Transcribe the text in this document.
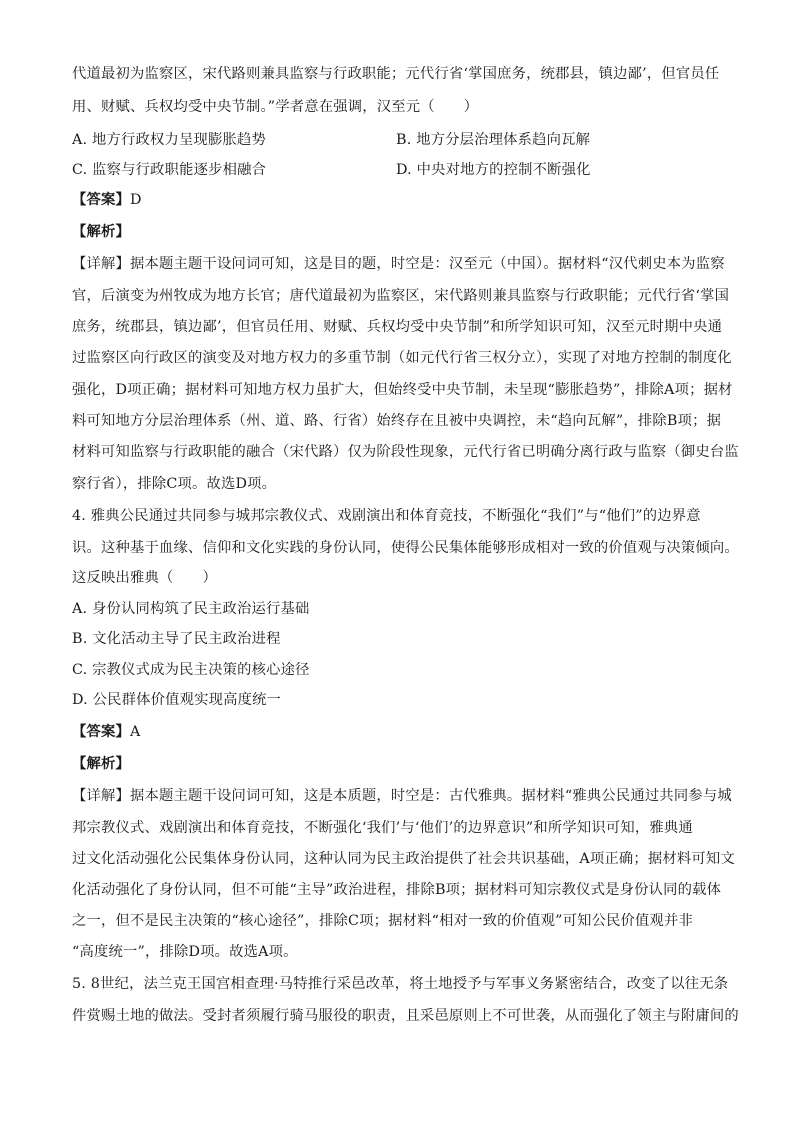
代道最初为监察区，宋代路则兼具监察与行政职能；元代行省‘掌国庶务，统郡县，镇边鄙’，但官员任
用、财赋、兵权均受中央节制。”学者意在强调，汉至元（　　）
A. 地方行政权力呈现膨胀趋势	B. 地方分层治理体系趋向瓦解
C. 监察与行政职能逐步相融合	D. 中央对地方的控制不断强化
【答案】D
【解析】
【详解】据本题主题干设问词可知，这是目的题，时空是：汉至元（中国）。据材料“汉代刺史本为监察
官，后演变为州牧成为地方长官；唐代道最初为监察区，宋代路则兼具监察与行政职能；元代行省‘掌国
庶务，统郡县，镇边鄙’，但官员任用、财赋、兵权均受中央节制”和所学知识可知，汉至元时期中央通
过监察区向行政区的演变及对地方权力的多重节制（如元代行省三权分立），实现了对地方控制的制度化
强化，D项正确；据材料可知地方权力虽扩大，但始终受中央节制，未呈现“膨胀趋势”，排除A项；据材
料可知地方分层治理体系（州、道、路、行省）始终存在且被中央调控，未“趋向瓦解”，排除B项；据
材料可知监察与行政职能的融合（宋代路）仅为阶段性现象，元代行省已明确分离行政与监察（御史台监
察行省），排除C项。故选D项。
4. 雅典公民通过共同参与城邦宗教仪式、戏剧演出和体育竞技，不断强化“我们”与“他们”的边界意
识。这种基于血缘、信仰和文化实践的身份认同，使得公民集体能够形成相对一致的价值观与决策倾向。
这反映出雅典（　　）
A. 身份认同构筑了民主政治运行基础
B. 文化活动主导了民主政治进程
C. 宗教仪式成为民主决策的核心途径
D. 公民群体价值观实现高度统一
【答案】A
【解析】
【详解】据本题主题干设问词可知，这是本质题，时空是：古代雅典。据材料“雅典公民通过共同参与城
邦宗教仪式、戏剧演出和体育竞技，不断强化‘我们’与‘他们’的边界意识”和所学知识可知，雅典通
过文化活动强化公民集体身份认同，这种认同为民主政治提供了社会共识基础，A项正确；据材料可知文
化活动强化了身份认同，但不可能“主导”政治进程，排除B项；据材料可知宗教仪式是身份认同的载体
之一，但不是民主决策的“核心途径”，排除C项；据材料“相对一致的价值观”可知公民价值观并非
“高度统一”，排除D项。故选A项。
5. 8世纪，法兰克王国宫相查理·马特推行采邑改革，将土地授予与军事义务紧密结合，改变了以往无条
件赏赐土地的做法。受封者须履行骑马服役的职责，且采邑原则上不可世袭，从而强化了领主与附庸间的
